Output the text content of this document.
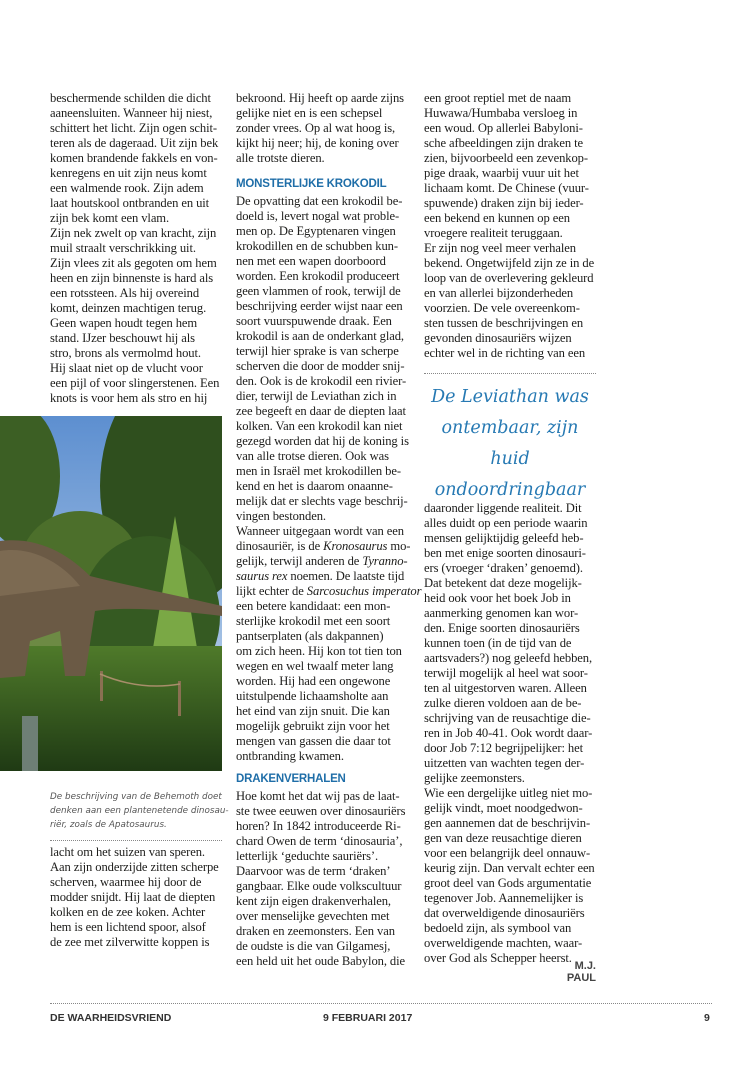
beschermende schilden die dicht
aaneensluiten. Wanneer hij niest,
schittert het licht. Zijn ogen schit-
teren als de dageraad. Uit zijn bek
komen brandende fakkels en von-
kenregens en uit zijn neus komt
een walmende rook. Zijn adem
laat houtskool ontbranden en uit
zijn bek komt een vlam.
Zijn nek zwelt op van kracht, zijn
muil straalt verschrikking uit.
Zijn vlees zit als gegoten om hem
heen en zijn binnenste is hard als
een rotssteen. Als hij overeind
komt, deinzen machtigen terug.
Geen wapen houdt tegen hem
stand. IJzer beschouwt hij als
stro, brons als vermolmd hout.
Hij slaat niet op de vlucht voor
een pijl of voor slingerstenen. Een
knots is voor hem als stro en hij
De beschrijving van de Behemoth doet
denken aan een plantenetende dinosau-
riër, zoals de Apatosaurus.
lacht om het suizen van speren.
Aan zijn onderzijde zitten scherpe
scherven, waarmee hij door de
modder snijdt. Hij laat de diepten
kolken en de zee koken. Achter
hem is een lichtend spoor, alsof
de zee met zilverwitte koppen is
bekroond. Hij heeft op aarde zijns
gelijke niet en is een schepsel
zonder vrees. Op al wat hoog is,
kijkt hij neer; hij, de koning over
alle trotste dieren.
MONSTERLIJKE KROKODIL
De opvatting dat een krokodil be-
doeld is, levert nogal wat proble-
men op. De Egyptenaren vingen
krokodillen en de schubben kun-
nen met een wapen doorboord
worden. Een krokodil produceert
geen vlammen of rook, terwijl de
beschrijving eerder wijst naar een
soort vuurspuwende draak. Een
krokodil is aan de onderkant glad,
terwijl hier sprake is van scherpe
scherven die door de modder snij-
den. Ook is de krokodil een rivier-
dier, terwijl de Leviathan zich in
zee begeeft en daar de diepten laat
kolken. Van een krokodil kan niet
gezegd worden dat hij de koning is
van alle trotse dieren. Ook was
men in Israël met krokodillen be-
kend en het is daarom onaanne-
melijk dat er slechts vage beschrij-
vingen bestonden.
Wanneer uitgegaan wordt van een
dinosauriër, is de Kronosaurus mo-
gelijk, terwijl anderen de Tyranno-
saurus rex noemen. De laatste tijd
lijkt echter de Sarcosuchus imperator
een betere kandidaat: een mon-
sterlijke krokodil met een soort
pantserplaten (als dakpannen)
om zich heen. Hij kon tot tien ton
wegen en wel twaalf meter lang
worden. Hij had een ongewone
uitstulpende lichaamsholte aan
het eind van zijn snuit. Die kan
mogelijk gebruikt zijn voor het
mengen van gassen die daar tot
ontbranding kwamen.
DRAKENVERHALEN
Hoe komt het dat wij pas de laat-
ste twee eeuwen over dinosauriërs
horen? In 1842 introduceerde Ri-
chard Owen de term ‘dinosauria’,
letterlijk ‘geduchte sauriërs’.
Daarvoor was de term ‘draken’
gangbaar. Elke oude volkscultuur
kent zijn eigen drakenverhalen,
over menselijke gevechten met
draken en zeemonsters. Een van
de oudste is die van Gilgamesj,
een held uit het oude Babylon, die
een groot reptiel met de naam
Huwawa/Humbaba versloeg in
een woud. Op allerlei Babyloni-
sche afbeeldingen zijn draken te
zien, bijvoorbeeld een zevenkop-
pige draak, waarbij vuur uit het
lichaam komt. De Chinese (vuur-
spuwende) draken zijn bij ieder-
een bekend en kunnen op een
vroegere realiteit teruggaan.
Er zijn nog veel meer verhalen
bekend. Ongetwijfeld zijn ze in de
loop van de overlevering gekleurd
en van allerlei bijzonderheden
voorzien. De vele overeenkom-
sten tussen de beschrijvingen en
gevonden dinosauriërs wijzen
echter wel in de richting van een
De Leviathan was
ontembaar, zijn huid
ondoordringbaar
daaronder liggende realiteit. Dit
alles duidt op een periode waarin
mensen gelijktijdig geleefd heb-
ben met enige soorten dinosauri-
ers (vroeger ‘draken’ genoemd).
Dat betekent dat deze mogelijk-
heid ook voor het boek Job in
aanmerking genomen kan wor-
den. Enige soorten dinosauriërs
kunnen toen (in de tijd van de
aartsvaders?) nog geleefd hebben,
terwijl mogelijk al heel wat soor-
ten al uitgestorven waren. Alleen
zulke dieren voldoen aan de be-
schrijving van de reusachtige die-
ren in Job 40-41. Ook wordt daar-
door Job 7:12 begrijpelijker: het
uitzetten van wachten tegen der-
gelijke zeemonsters.
Wie een dergelijke uitleg niet mo-
gelijk vindt, moet noodgedwon-
gen aannemen dat de beschrijvin-
gen van deze reusachtige dieren
voor een belangrijk deel onnauw-
keurig zijn. Dan vervalt echter een
groot deel van Gods argumentatie
tegenover Job. Aannemelijker is
dat overweldigende dinosauriërs
bedoeld zijn, als symbool van
overweldigende machten, waar-
over God als Schepper heerst.
M.J. PAUL
DE WAARHEIDSVRIEND	9 FEBRUARI 2017	9
